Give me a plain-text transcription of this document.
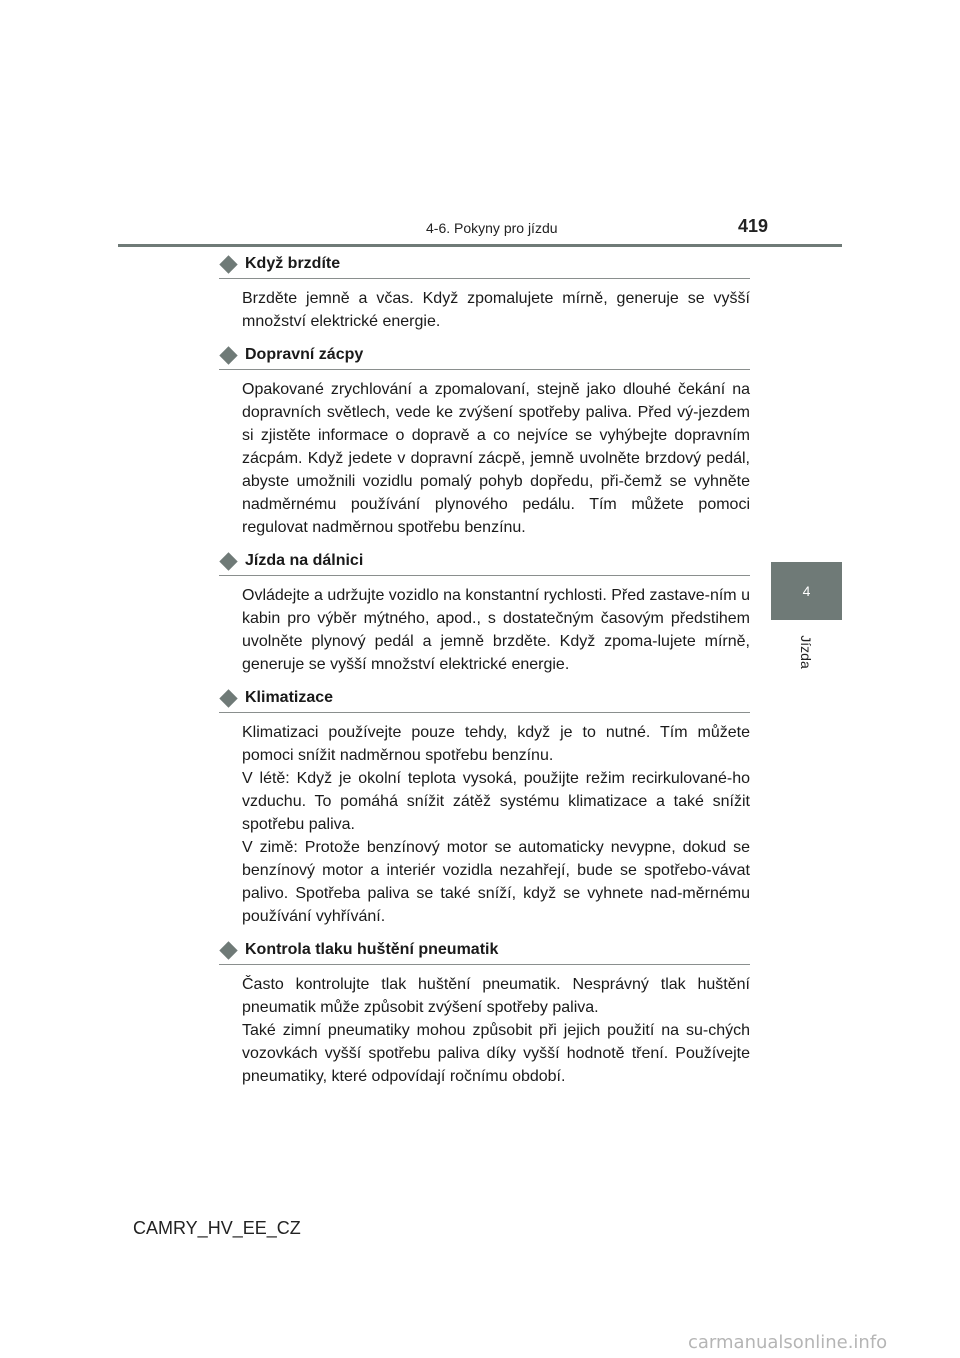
4-6. Pokyny pro jízdu	419
4
Jízda
Když brzdíte

Brzděte jemně a včas. Když zpomalujete mírně, generuje se vyšší množství elektrické energie.

Dopravní zácpy

Opakované zrychlování a zpomalovaní, stejně jako dlouhé čekání na dopravních světlech, vede ke zvýšení spotřeby paliva. Před vý-jezdem si zjistěte informace o dopravě a co nejvíce se vyhýbejte dopravním zácpám. Když jedete v dopravní zácpě, jemně uvolněte brzdový pedál, abyste umožnili vozidlu pomalý pohyb dopředu, při-čemž se vyhněte nadměrnému používání plynového pedálu. Tím můžete pomoci regulovat nadměrnou spotřebu benzínu.

Jízda na dálnici

Ovládejte a udržujte vozidlo na konstantní rychlosti. Před zastave-ním u kabin pro výběr mýtného, apod., s dostatečným časovým předstihem uvolněte plynový pedál a jemně brzděte. Když zpoma-lujete mírně, generuje se vyšší množství elektrické energie.

Klimatizace

Klimatizaci používejte pouze tehdy, když je to nutné. Tím můžete pomoci snížit nadměrnou spotřebu benzínu.

V létě: Když je okolní teplota vysoká, použijte režim recirkulované-ho vzduchu. To pomáhá snížit zátěž systému klimatizace a také snížit spotřebu paliva.

V zimě: Protože benzínový motor se automaticky nevypne, dokud se benzínový motor a interiér vozidla nezahřejí, bude se spotřebo-vávat palivo. Spotřeba paliva se také sníží, když se vyhnete nad-měrnému používání vyhřívání.

Kontrola tlaku huštění pneumatik

Často kontrolujte tlak huštění pneumatik. Nesprávný tlak huštění pneumatik může způsobit zvýšení spotřeby paliva.

Také zimní pneumatiky mohou způsobit při jejich použití na su-chých vozovkách vyšší spotřebu paliva díky vyšší hodnotě tření. Používejte pneumatiky, které odpovídají ročnímu období.

CAMRY_HV_EE_CZ
carmanualsonline.info
